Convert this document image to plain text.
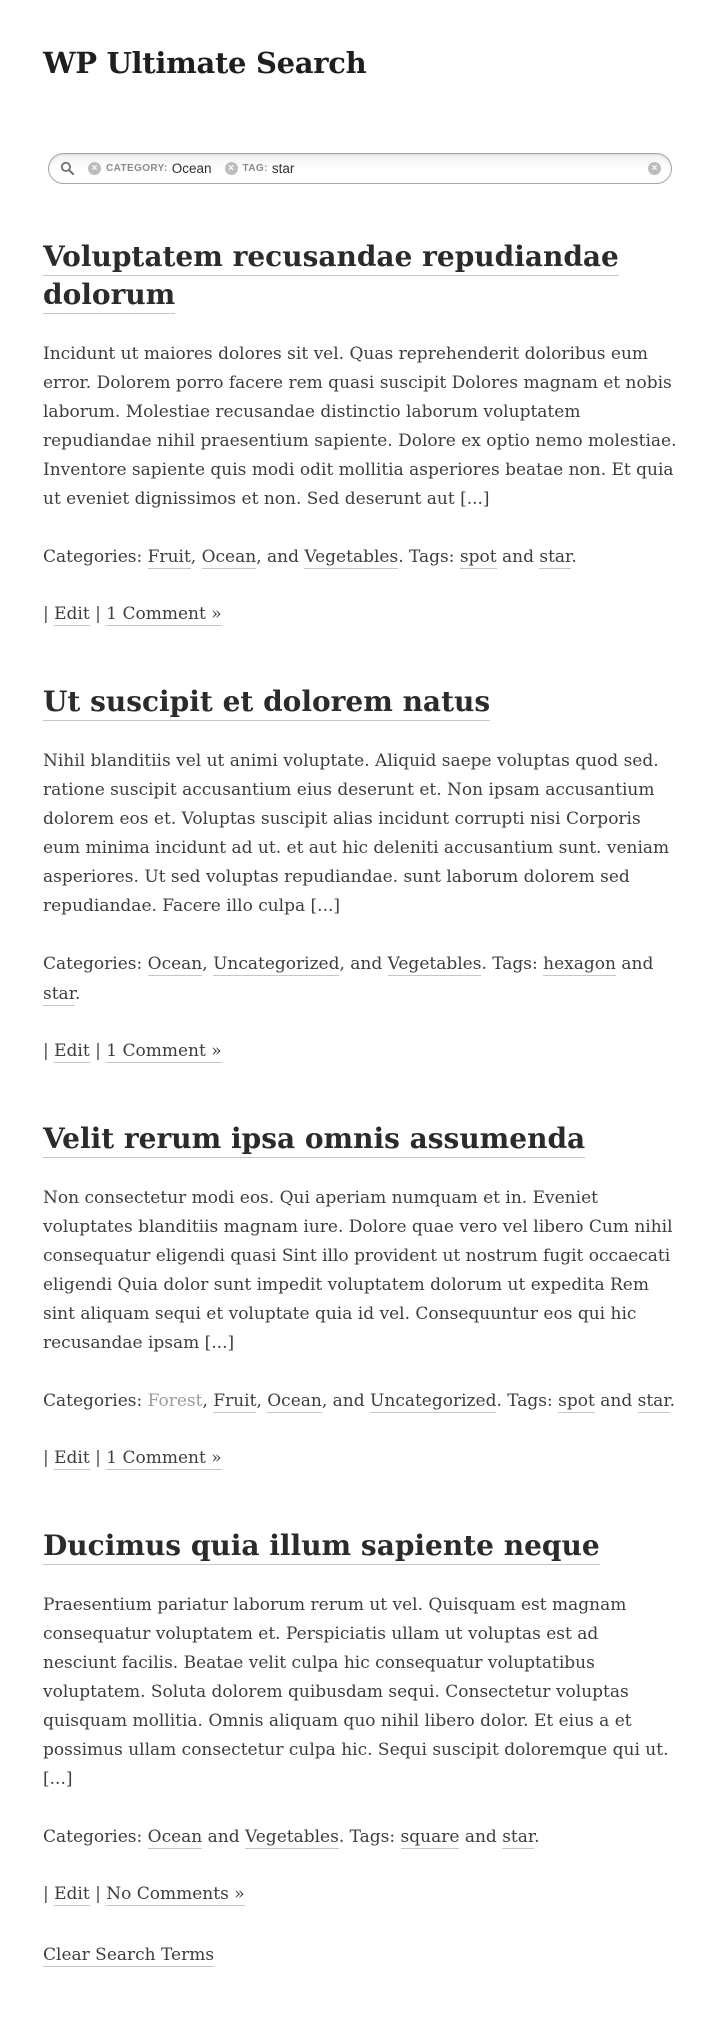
WP Ultimate Search
× CATEGORY: Ocean	× TAG: star	×
Voluptatem recusandae repudiandae dolorum

Incidunt ut maiores dolores sit vel. Quas reprehenderit doloribus eum error. Dolorem porro facere rem quasi suscipit Dolores magnam et nobis laborum. Molestiae recusandae distinctio laborum voluptatem repudiandae nihil praesentium sapiente. Dolore ex optio nemo molestiae. Inventore sapiente quis modi odit mollitia asperiores beatae non. Et quia ut eveniet dignissimos et non. Sed deserunt aut [...]

Categories: Fruit, Ocean, and Vegetables. Tags: spot and star.

| Edit | 1 Comment »

Ut suscipit et dolorem natus

Nihil blanditiis vel ut animi voluptate. Aliquid saepe voluptas quod sed. ratione suscipit accusantium eius deserunt et. Non ipsam accusantium dolorem eos et. Voluptas suscipit alias incidunt corrupti nisi Corporis eum minima incidunt ad ut. et aut hic deleniti accusantium sunt. veniam asperiores. Ut sed voluptas repudiandae. sunt laborum dolorem sed repudiandae. Facere illo culpa [...]

Categories: Ocean, Uncategorized, and Vegetables. Tags: hexagon and star.

| Edit | 1 Comment »

Velit rerum ipsa omnis assumenda

Non consectetur modi eos. Qui aperiam numquam et in. Eveniet voluptates blanditiis magnam iure. Dolore quae vero vel libero Cum nihil consequatur eligendi quasi Sint illo provident ut nostrum fugit occaecati eligendi Quia dolor sunt impedit voluptatem dolorum ut expedita Rem sint aliquam sequi et voluptate quia id vel. Consequuntur eos qui hic recusandae ipsam [...]

Categories: Forest, Fruit, Ocean, and Uncategorized. Tags: spot and star.

| Edit | 1 Comment »

Ducimus quia illum sapiente neque

Praesentium pariatur laborum rerum ut vel. Quisquam est magnam consequatur voluptatem et. Perspiciatis ullam ut voluptas est ad nesciunt facilis. Beatae velit culpa hic consequatur voluptatibus voluptatem. Soluta dolorem quibusdam sequi. Consectetur voluptas quisquam mollitia. Omnis aliquam quo nihil libero dolor. Et eius a et possimus ullam consectetur culpa hic. Sequi suscipit doloremque qui ut. [...]

Categories: Ocean and Vegetables. Tags: square and star.

| Edit | No Comments »

Clear Search Terms
